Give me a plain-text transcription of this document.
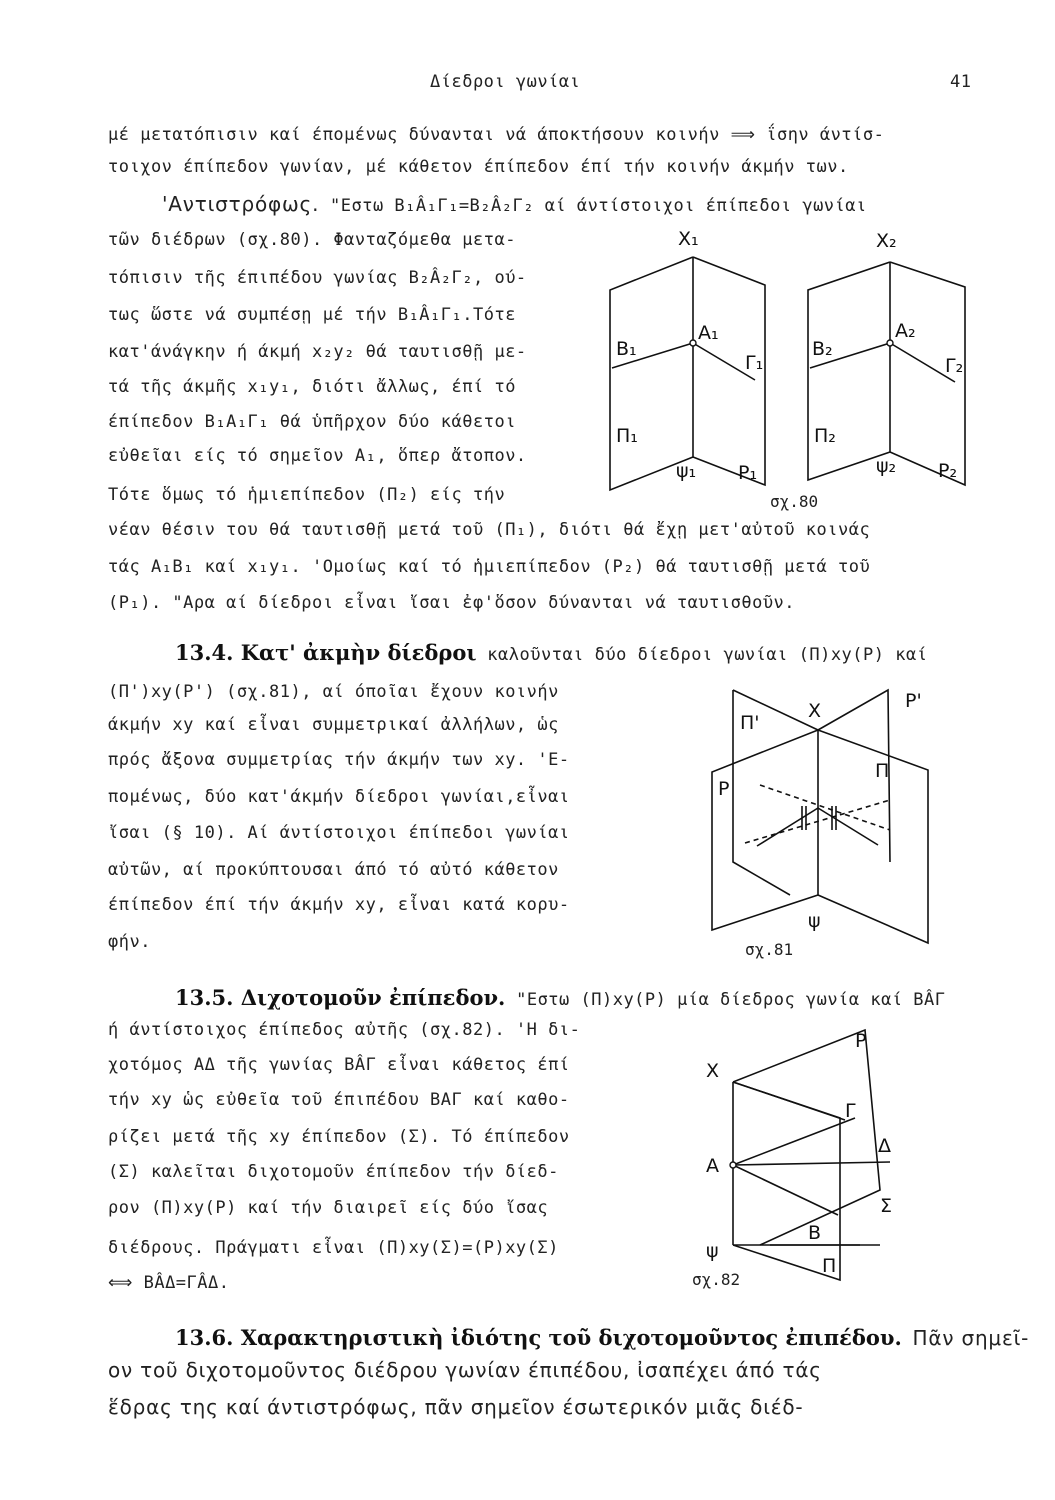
Δίεδροι γωνίαι	41
μέ μετατόπισιν καί έπομένως δύνανται νά άποκτήσουν κοινήν ⟹ ΐσην άντίσ-
τοιχον έπίπεδον γωνίαν, μέ κάθετον έπίπεδον έπί τήν κοινήν άκμήν των.
'Αντιστρόφως. "Εστω Β₁Â₁Γ₁=Β₂Â₂Γ₂ αί άντίστοιχοι έπίπεδοι γωνίαι
τῶν διέδρων (σχ.80). Φανταζόμεθα μετα-
τόπισιν τῆς έπιπέδου γωνίας Β₂Â₂Γ₂, ού-
τως ὥστε νά συμπέσῃ μέ τήν Β₁Â₁Γ₁.Τότε
κατ'άνάγκην ή άκμή x₂y₂ θά ταυτισθῇ με-
τά τῆς άκμῆς x₁y₁, διότι ἄλλως, έπί τό
έπίπεδον Β₁Α₁Γ₁ θά ὑπῆρχον δύο κάθετοι
εὐθεῖαι είς τό σημεῖον Α₁, ὅπερ ἄτοπον.
Τότε ὅμως τό ἡμιεπίπεδον (Π₂) είς τήν
νέαν θέσιν του θά ταυτισθῇ μετά τοῦ (Π₁), διότι θά ἔχῃ μετ'αὐτοῦ κοινάς
τάς Α₁Β₁ καί x₁y₁. 'Ομοίως καί τό ἡμιεπίπεδον (Ρ₂) θά ταυτισθῇ μετά τοῦ
(Ρ₁). "Αρα αί δίεδροι εἶναι ἴσαι ἐφ'ὅσον δύνανται νά ταυτισθοῦν.
X₁	X₂
A₁	A₂
B₁	B₂
Γ₁	Γ₂
Π₁	Π₂
ψ₁	ψ₂
P₁	P₂
σχ.80
13.4. Κατ' ἀκμὴν δίεδροι καλοῦνται δύο δίεδροι γωνίαι (Π)xy(Ρ) καί
(Π')xy(Ρ') (σχ.81), αί όποῖαι ἔχουν κοινήν
άκμήν xy καί εἶναι συμμετρικαί ἀλλήλων, ὡς
πρός ἄξονα συμμετρίας τήν άκμήν των xy. 'Ε-
πομένως, δύο κατ'άκμήν δίεδροι γωνίαι,εἶναι
ἴσαι (§ 10). Αί άντίστοιχοι έπίπεδοι γωνίαι
αὐτῶν, αί προκύπτουσαι άπό τό αὐτό κάθετον
έπίπεδον έπί τήν άκμήν xy, εἶναι κατά κορυ-
φήν.
X	P'
Π'
Π
P
ψ
σχ.81
13.5. Διχοτομοῦν ἐπίπεδον. "Εστω (Π)xy(Ρ) μία δίεδρος γωνία καί ΒÂΓ
ή άντίστοιχος έπίπεδος αὐτῆς (σχ.82). 'Η δι-
χοτόμος ΑΔ τῆς γωνίας ΒÂΓ εἶναι κάθετος έπί
τήν xy ὡς εὐθεῖα τοῦ έπιπέδου ΒΑΓ καί καθο-
ρίζει μετά τῆς xy έπίπεδον (Σ). Τό έπίπεδον
(Σ) καλεῖται διχοτομοῦν έπίπεδον τήν δίεδ-
ρον (Π)xy(Ρ) καί τήν διαιρεῖ είς δύο ἴσας
διέδρους. Πράγματι εἶναι (Π)xy(Σ)=(Ρ)xy(Σ)
⟺ ΒÂΔ=ΓÂΔ.
P
X
Γ
Δ
A
Σ
B
ψ
Π
σχ.82
13.6. Χαρακτηριστικὴ ἰδιότης τοῦ διχοτομοῦντος ἐπιπέδου. Πᾶν σημεῖ-
ον τοῦ διχοτομοῦντος διέδρου γωνίαν έπιπέδου, ἰσαπέχει άπό τάς
ἕδρας της καί άντιστρόφως, πᾶν σημεῖον έσωτερικόν μιᾶς διέδ-
